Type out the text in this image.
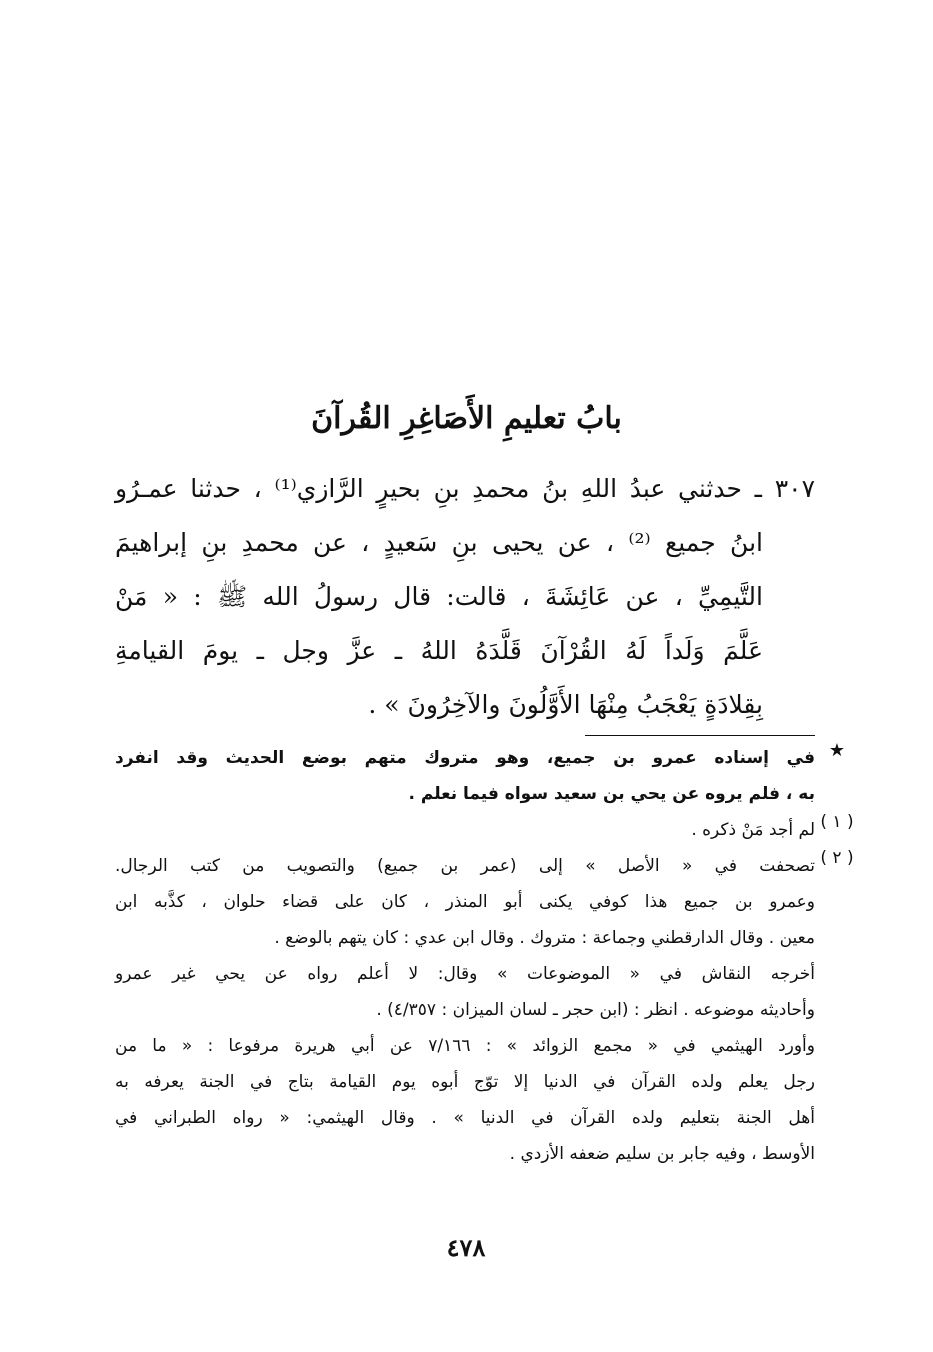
بابُ تعليمِ الأَصَاغِرِ القُرآنَ
٣٠٧ ـ حدثني عبدُ اللهِ بنُ محمدِ بنِ بحيرٍ الرَّازي⁽¹⁾ ، حدثنا عمـرُو
ابنُ جميع ⁽²⁾ ، عن يحيى بنِ سَعيدٍ ، عن محمدِ بنِ إبراهيمَ
التَّيمِيِّ ، عن عَائِشَةَ ، قالت: قال رسولُ الله ﷺ : « مَنْ
عَلَّمَ وَلَداً لَهُ القُرْآنَ قَلَّدَهُ اللهُ ـ عزَّ وجل ـ يومَ القيامةِ
بِقِلادَةٍ يَعْجَبُ مِنْهَا الأَوَّلُونَ والآخِرُونَ » .
★
في إسناده عمرو بن جميع، وهو متروك متهم بوضع الحديث وقد انفرد
به ، فلم يروه عن يحي بن سعيد سواه فيما نعلم .
( ١ )
لم أجد مَنْ ذكره .
( ٢ )
تصحفت في « الأصل » إلى (عمر بن جميع) والتصويب من كتب الرجال.
وعمرو بن جميع هذا كوفي يكنى أبو المنذر ، كان على قضاء حلوان ، كذَّبه ابن
معين . وقال الدارقطني وجماعة : متروك . وقال ابن عدي : كان يتهم بالوضع .
أخرجه النقاش في « الموضوعات » وقال: لا أعلم رواه عن يحي غير عمرو
وأحاديثه موضوعه . انظر : (ابن حجر ـ لسان الميزان : ٤/٣٥٧) .
وأورد الهيثمي في « مجمع الزوائد » : ٧/١٦٦ عن أبي هريرة مرفوعا : « ما من
رجل يعلم ولده القرآن في الدنيا إلا توّج أبوه يوم القيامة بتاج في الجنة يعرفه به
أهل الجنة بتعليم ولده القرآن في الدنيا » . وقال الهيثمي: « رواه الطبراني في
الأوسط ، وفيه جابر بن سليم ضعفه الأزدي .
٤٧٨
